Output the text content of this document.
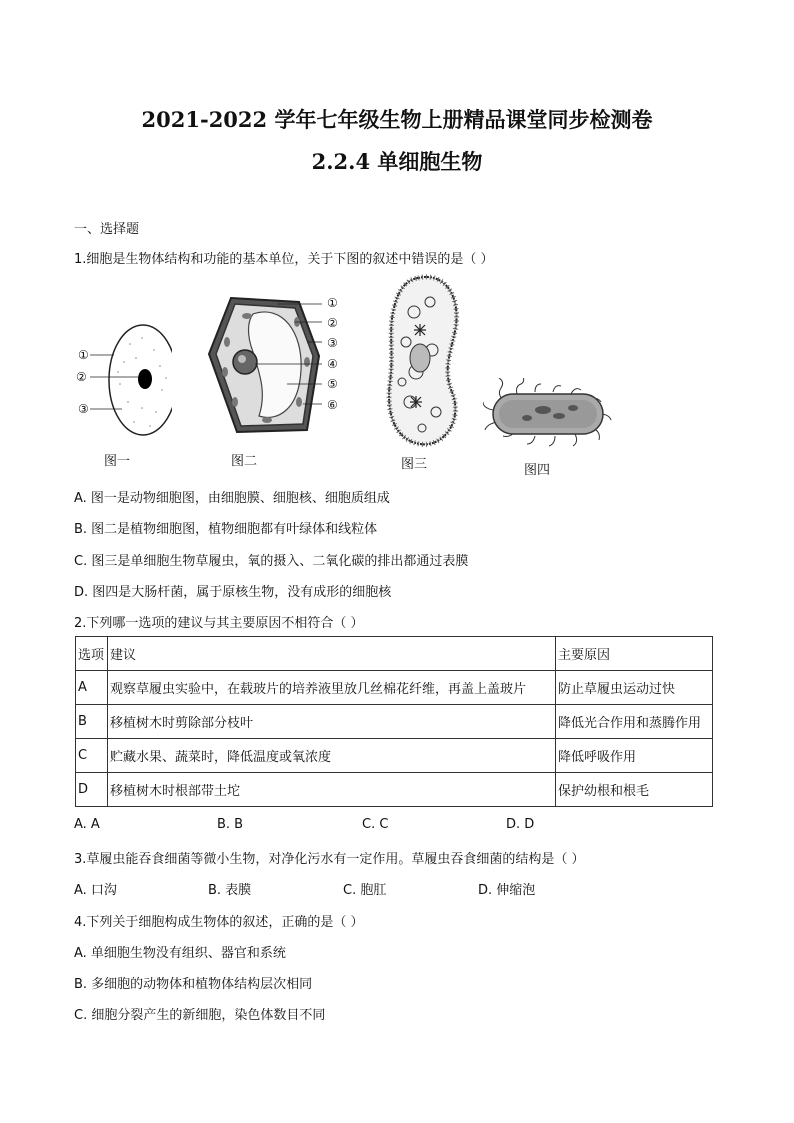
2021-2022 学年七年级生物上册精品课堂同步检测卷
2.2.4 单细胞生物
一、选择题
1.细胞是生物体结构和功能的基本单位，关于下图的叙述中错误的是（ ）
①
②
③
图一
①
②
③
④
⑤
⑥
图二	图三	图四
A. 图一是动物细胞图，由细胞膜、细胞核、细胞质组成
B. 图二是植物细胞图，植物细胞都有叶绿体和线粒体
C. 图三是单细胞生物草履虫，氧的摄入、二氧化碳的排出都通过表膜
D. 图四是大肠杆菌，属于原核生物，没有成形的细胞核
2.下列哪一选项的建议与其主要原因不相符合（ ）
选项	建议	主要原因
A	观察草履虫实验中，在载玻片的培养液里放几丝棉花纤维，再盖上盖玻片	防止草履虫运动过快
B	移植树木时剪除部分枝叶	降低光合作用和蒸腾作用
C	贮藏水果、蔬菜时，降低温度或氧浓度	降低呼吸作用
D	移植树木时根部带土坨	保护幼根和根毛
A. A	B. B	C. C	D. D
3.草履虫能吞食细菌等微小生物，对净化污水有一定作用。草履虫吞食细菌的结构是（ ）
A. 口沟	B. 表膜	C. 胞肛	D. 伸缩泡
4.下列关于细胞构成生物体的叙述，正确的是（ ）
A. 单细胞生物没有组织、器官和系统
B. 多细胞的动物体和植物体结构层次相同
C. 细胞分裂产生的新细胞，染色体数目不同
